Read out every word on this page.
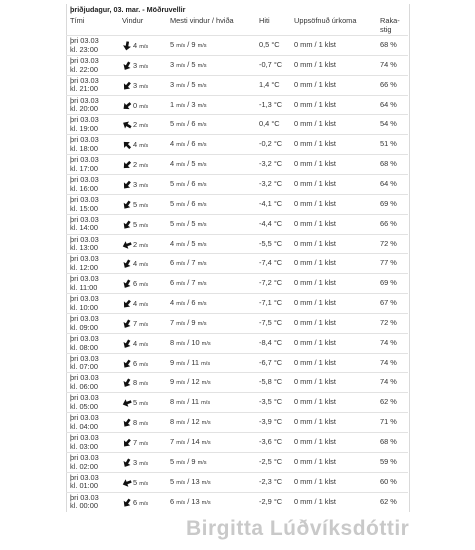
þriðjudagur, 03. mar. - Möðruvellir
Tími	Vindur	Mesti vindur / hviða	Hiti	Uppsöfnuð úrkoma	Raka-
stig
þri 03.03
kl. 23:00	4 m/s	5 m/s / 9 m/s	0,5 °C 0 mm / 1 klst	68 %
þri 03.03
kl. 22:00	3 m/s	3 m/s / 5 m/s	-0,7 °C 0 mm / 1 klst	74 %
þri 03.03
kl. 21:00	3 m/s	3 m/s / 5 m/s	1,4 °C 0 mm / 1 klst	66 %
þri 03.03
kl. 20:00	0 m/s	1 m/s / 3 m/s	-1,3 °C 0 mm / 1 klst	64 %
þri 03.03
kl. 19:00	2 m/s	5 m/s / 6 m/s	0,4 °C 0 mm / 1 klst	54 %
þri 03.03
kl. 18:00	4 m/s	4 m/s / 6 m/s	-0,2 °C 0 mm / 1 klst	51 %
þri 03.03
kl. 17:00	2 m/s	4 m/s / 5 m/s	-3,2 °C 0 mm / 1 klst	68 %
þri 03.03
kl. 16:00	3 m/s	5 m/s / 6 m/s	-3,2 °C 0 mm / 1 klst	64 %
þri 03.03
kl. 15:00	5 m/s	5 m/s / 6 m/s	-4,1 °C 0 mm / 1 klst	69 %
þri 03.03
kl. 14:00	5 m/s	5 m/s / 5 m/s	-4,4 °C 0 mm / 1 klst	66 %
þri 03.03
kl. 13:00	2 m/s	4 m/s / 5 m/s	-5,5 °C 0 mm / 1 klst	72 %
þri 03.03
kl. 12:00	4 m/s	6 m/s / 7 m/s	-7,4 °C 0 mm / 1 klst	77 %
þri 03.03
kl. 11:00	6 m/s	6 m/s / 7 m/s	-7,2 °C 0 mm / 1 klst	69 %
þri 03.03
kl. 10:00	4 m/s	4 m/s / 6 m/s	-7,1 °C 0 mm / 1 klst	67 %
þri 03.03
kl. 09:00	7 m/s	7 m/s / 9 m/s	-7,5 °C 0 mm / 1 klst	72 %
þri 03.03
kl. 08:00	4 m/s	8 m/s / 10 m/s	-8,4 °C 0 mm / 1 klst	74 %
þri 03.03
kl. 07:00	6 m/s	9 m/s / 11 m/s	-6,7 °C 0 mm / 1 klst	74 %
þri 03.03
kl. 06:00	8 m/s	9 m/s / 12 m/s	-5,8 °C 0 mm / 1 klst	74 %
þri 03.03
kl. 05:00	5 m/s	8 m/s / 11 m/s	-3,5 °C 0 mm / 1 klst	62 %
þri 03.03
kl. 04:00	8 m/s	8 m/s / 12 m/s	-3,9 °C 0 mm / 1 klst	71 %
þri 03.03
kl. 03:00	7 m/s	7 m/s / 14 m/s	-3,6 °C 0 mm / 1 klst	68 %
þri 03.03
kl. 02:00	3 m/s	5 m/s / 9 m/s	-2,5 °C 0 mm / 1 klst	59 %
þri 03.03
kl. 01:00	5 m/s	5 m/s / 13 m/s	-2,3 °C 0 mm / 1 klst	60 %
þri 03.03
kl. 00:00	6 m/s	6 m/s / 13 m/s	-2,9 °C 0 mm / 1 klst	62 %
Birgitta Lúðvíksdóttir
